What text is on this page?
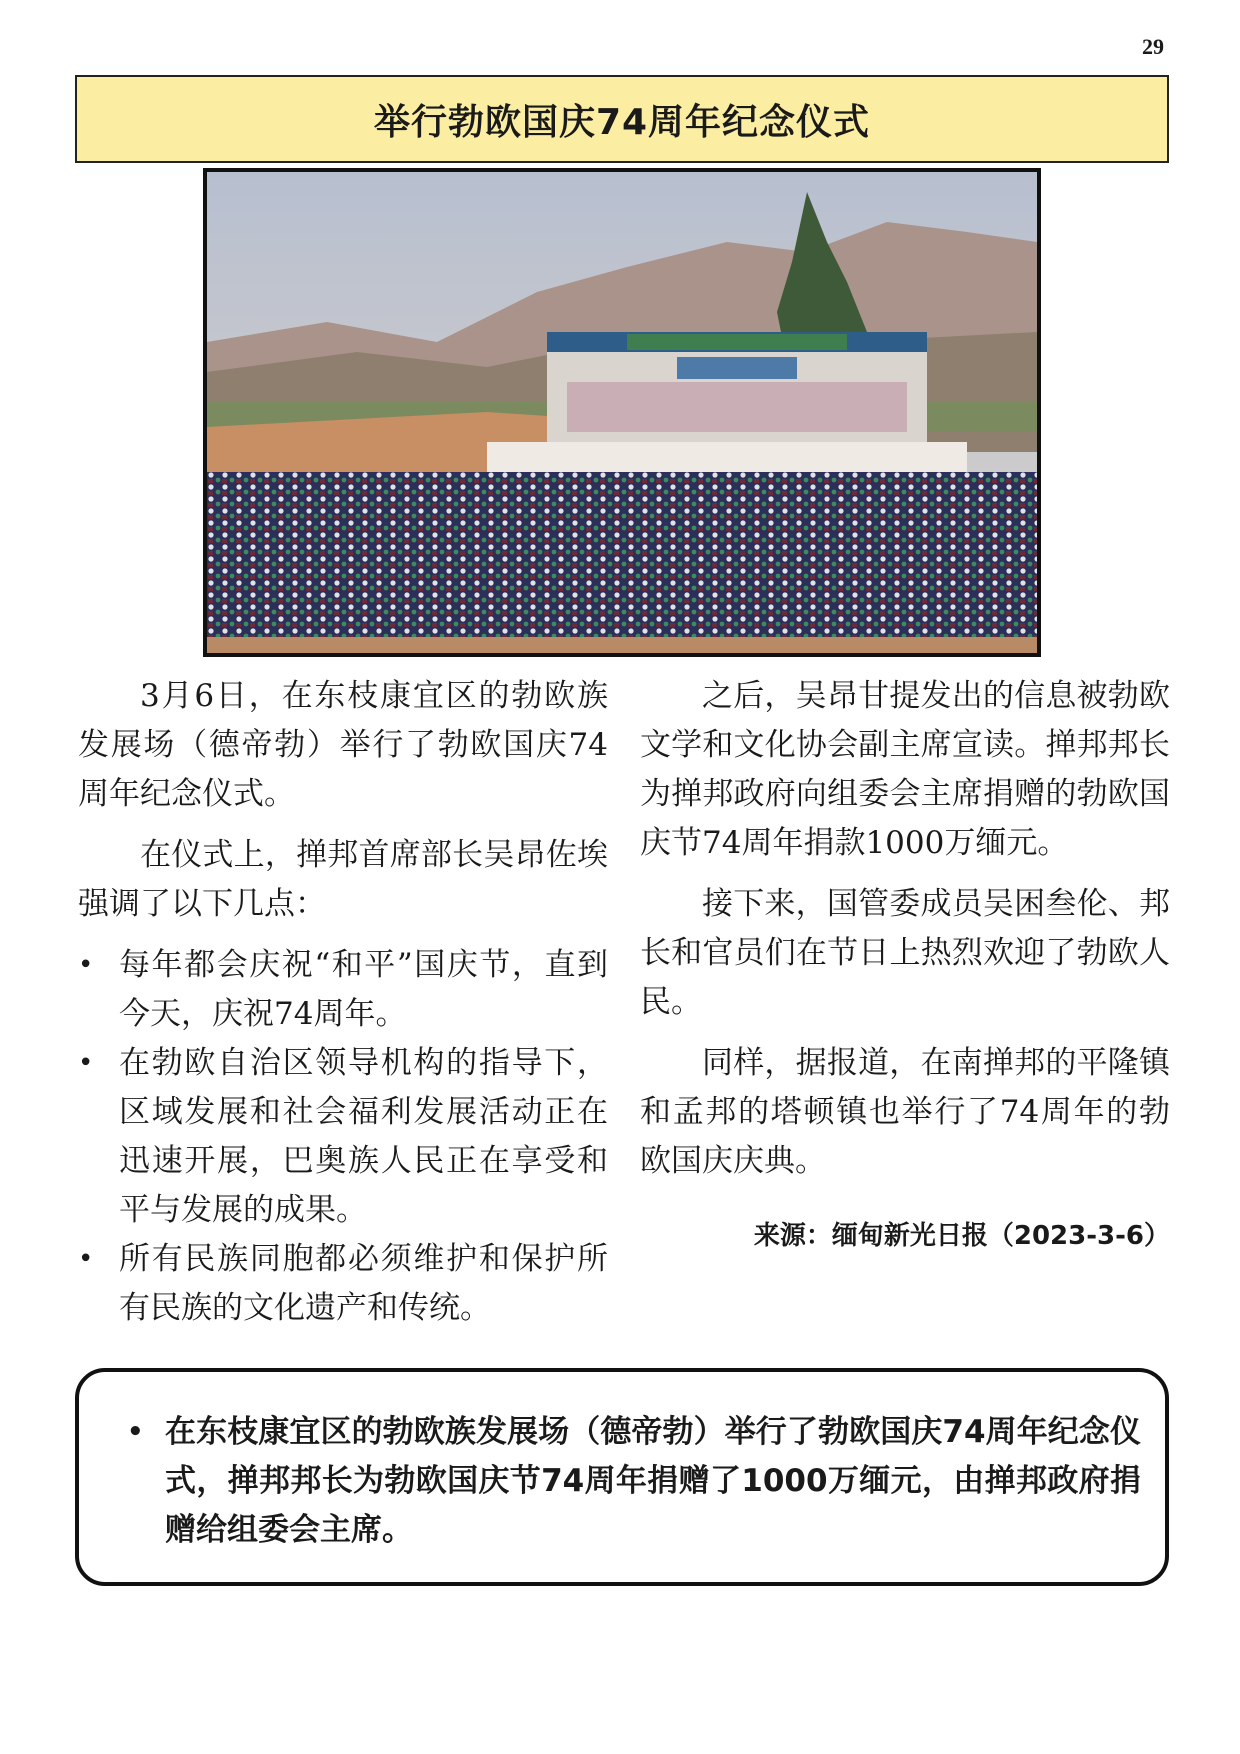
29
举行勃欧国庆74周年纪念仪式

3月6日，在东枝康宜区的勃欧族发展场（德帝勃）举行了勃欧国庆74周年纪念仪式。

在仪式上，掸邦首席部长吴昂佐埃强调了以下几点：

• 每年都会庆祝“和平”国庆节，直到今天，庆祝74周年。
• 在勃欧自治区领导机构的指导下，区域发展和社会福利发展活动正在迅速开展，巴奥族人民正在享受和平与发展的成果。
• 所有民族同胞都必须维护和保护所有民族的文化遗产和传统。

之后，吴昂甘提发出的信息被勃欧文学和文化协会副主席宣读。掸邦邦长为掸邦政府向组委会主席捐赠的勃欧国庆节74周年捐款1000万缅元。

接下来，国管委成员吴困叁伦、邦长和官员们在节日上热烈欢迎了勃欧人民。

同样，据报道，在南掸邦的平隆镇和孟邦的塔顿镇也举行了74周年的勃欧国庆庆典。

来源：缅甸新光日报（2023-3-6）

• 在东枝康宜区的勃欧族发展场（德帝勃）举行了勃欧国庆74周年纪念仪式，掸邦邦长为勃欧国庆节74周年捐赠了1000万缅元，由掸邦政府捐赠给组委会主席。
